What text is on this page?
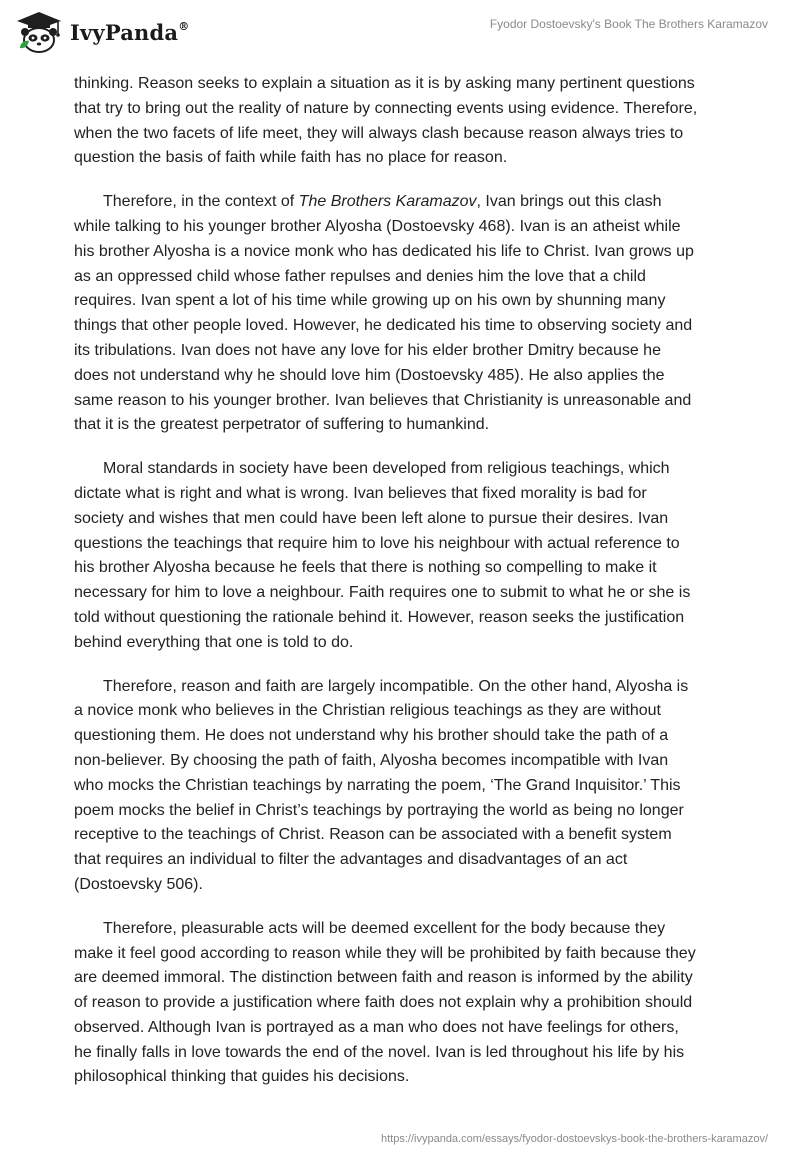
IvyPanda®	Fyodor Dostoevsky's Book The Brothers Karamazov

thinking. Reason seeks to explain a situation as it is by asking many pertinent questions
that try to bring out the reality of nature by connecting events using evidence. Therefore,
when the two facets of life meet, they will always clash because reason always tries to
question the basis of faith while faith has no place for reason.

Therefore, in the context of The Brothers Karamazov, Ivan brings out this clash
while talking to his younger brother Alyosha (Dostoevsky 468). Ivan is an atheist while
his brother Alyosha is a novice monk who has dedicated his life to Christ. Ivan grows up
as an oppressed child whose father repulses and denies him the love that a child
requires. Ivan spent a lot of his time while growing up on his own by shunning many
things that other people loved. However, he dedicated his time to observing society and
its tribulations. Ivan does not have any love for his elder brother Dmitry because he
does not understand why he should love him (Dostoevsky 485). He also applies the
same reason to his younger brother. Ivan believes that Christianity is unreasonable and
that it is the greatest perpetrator of suffering to humankind.

Moral standards in society have been developed from religious teachings, which
dictate what is right and what is wrong. Ivan believes that fixed morality is bad for
society and wishes that men could have been left alone to pursue their desires. Ivan
questions the teachings that require him to love his neighbour with actual reference to
his brother Alyosha because he feels that there is nothing so compelling to make it
necessary for him to love a neighbour. Faith requires one to submit to what he or she is
told without questioning the rationale behind it. However, reason seeks the justification
behind everything that one is told to do.

Therefore, reason and faith are largely incompatible. On the other hand, Alyosha is
a novice monk who believes in the Christian religious teachings as they are without
questioning them. He does not understand why his brother should take the path of a
non-believer. By choosing the path of faith, Alyosha becomes incompatible with Ivan
who mocks the Christian teachings by narrating the poem, ‘The Grand Inquisitor.’ This
poem mocks the belief in Christ’s teachings by portraying the world as being no longer
receptive to the teachings of Christ. Reason can be associated with a benefit system
that requires an individual to filter the advantages and disadvantages of an act
(Dostoevsky 506).

Therefore, pleasurable acts will be deemed excellent for the body because they
make it feel good according to reason while they will be prohibited by faith because they
are deemed immoral. The distinction between faith and reason is informed by the ability
of reason to provide a justification where faith does not explain why a prohibition should
observed. Although Ivan is portrayed as a man who does not have feelings for others,
he finally falls in love towards the end of the novel. Ivan is led throughout his life by his
philosophical thinking that guides his decisions.

https://ivypanda.com/essays/fyodor-dostoevskys-book-the-brothers-karamazov/
